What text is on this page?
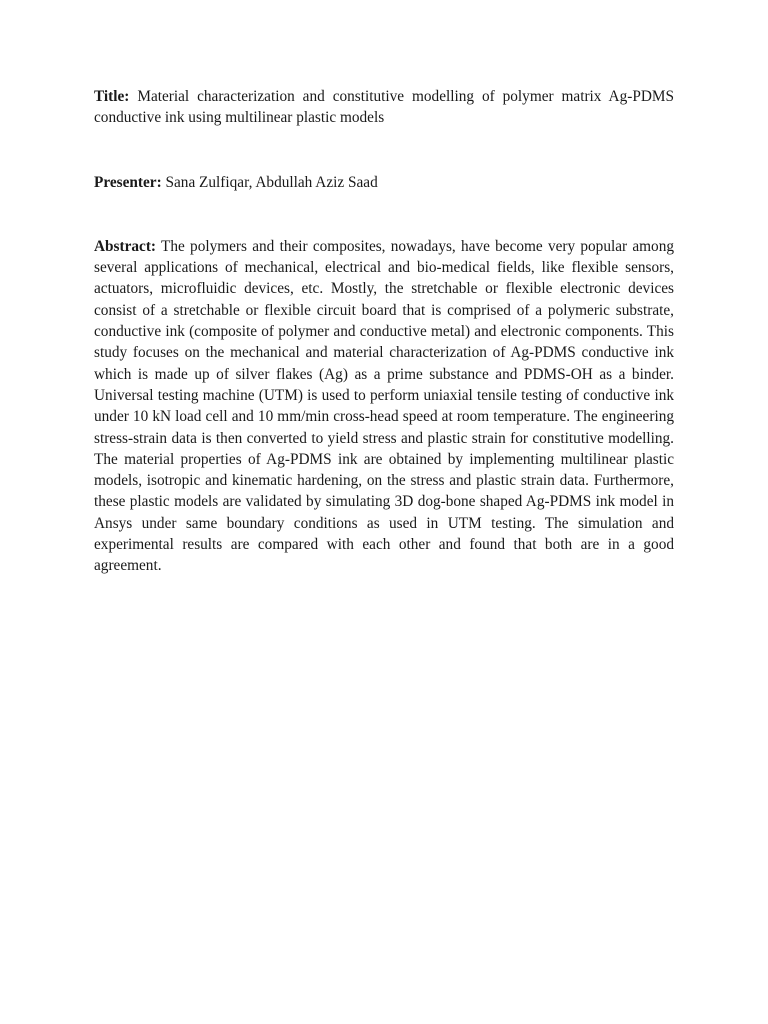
Title: Material characterization and constitutive modelling of polymer matrix Ag-PDMS conductive ink using multilinear plastic models

Presenter: Sana Zulfiqar, Abdullah Aziz Saad

Abstract: The polymers and their composites, nowadays, have become very popular among several applications of mechanical, electrical and bio-medical fields, like flexible sensors, actuators, microfluidic devices, etc. Mostly, the stretchable or flexible electronic devices consist of a stretchable or flexible circuit board that is comprised of a polymeric substrate, conductive ink (composite of polymer and conductive metal) and electronic components. This study focuses on the mechanical and material characterization of Ag-PDMS conductive ink which is made up of silver flakes (Ag) as a prime substance and PDMS-OH as a binder. Universal testing machine (UTM) is used to perform uniaxial tensile testing of conductive ink under 10 kN load cell and 10 mm/min cross-head speed at room temperature. The engineering stress-strain data is then converted to yield stress and plastic strain for constitutive modelling. The material properties of Ag-PDMS ink are obtained by implementing multilinear plastic models, isotropic and kinematic hardening, on the stress and plastic strain data. Furthermore, these plastic models are validated by simulating 3D dog-bone shaped Ag-PDMS ink model in Ansys under same boundary conditions as used in UTM testing. The simulation and experimental results are compared with each other and found that both are in a good agreement.
